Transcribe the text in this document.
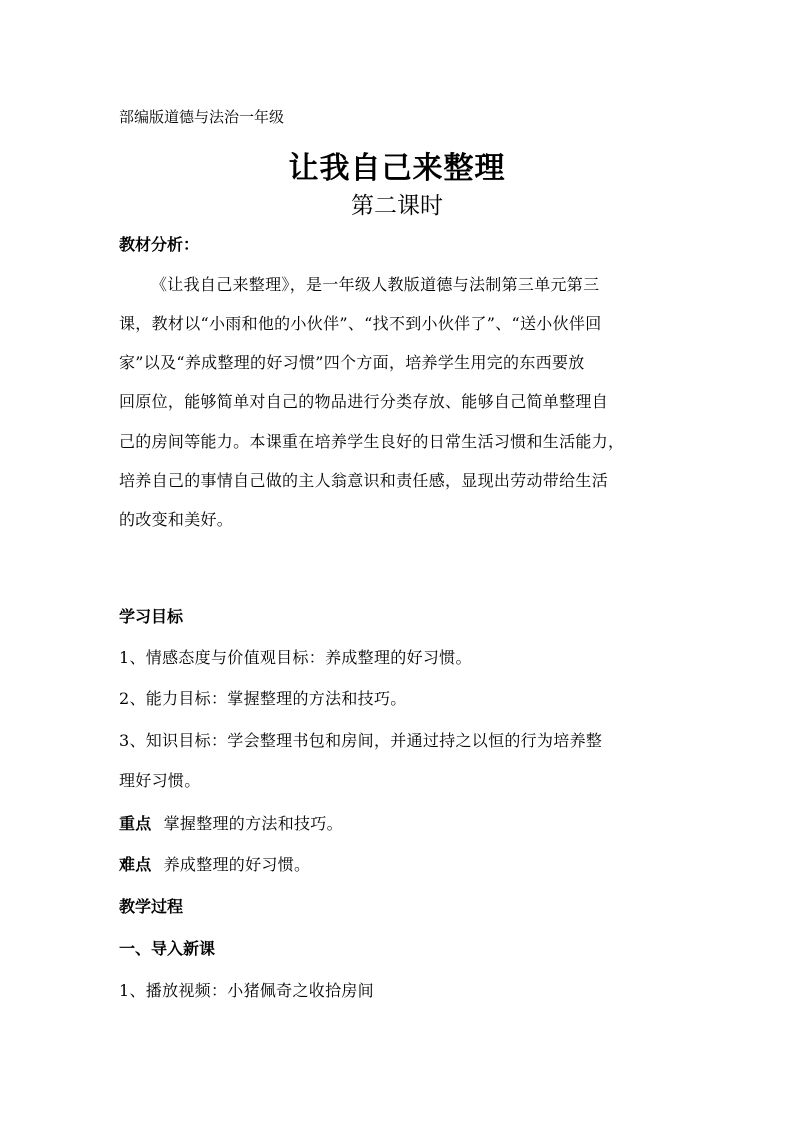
部编版道德与法治一年级

让我自己来整理
第二课时

教材分析：

《让我自己来整理》，是一年级人教版道德与法制第三单元第三

课，教材以“小雨和他的小伙伴”、“找不到小伙伴了”、“送小伙伴回

家”以及“养成整理的好习惯”四个方面，培养学生用完的东西要放

回原位，能够简单对自己的物品进行分类存放、能够自己简单整理自

己的房间等能力。本课重在培养学生良好的日常生活习惯和生活能力，

培养自己的事情自己做的主人翁意识和责任感，显现出劳动带给生活

的改变和美好。

学习目标

1、情感态度与价值观目标：养成整理的好习惯。

2、能力目标：掌握整理的方法和技巧。

3、知识目标：学会整理书包和房间，并通过持之以恒的行为培养整

理好习惯。

重点 掌握整理的方法和技巧。

难点 养成整理的好习惯。

教学过程

一、导入新课

1、播放视频：小猪佩奇之收拾房间
